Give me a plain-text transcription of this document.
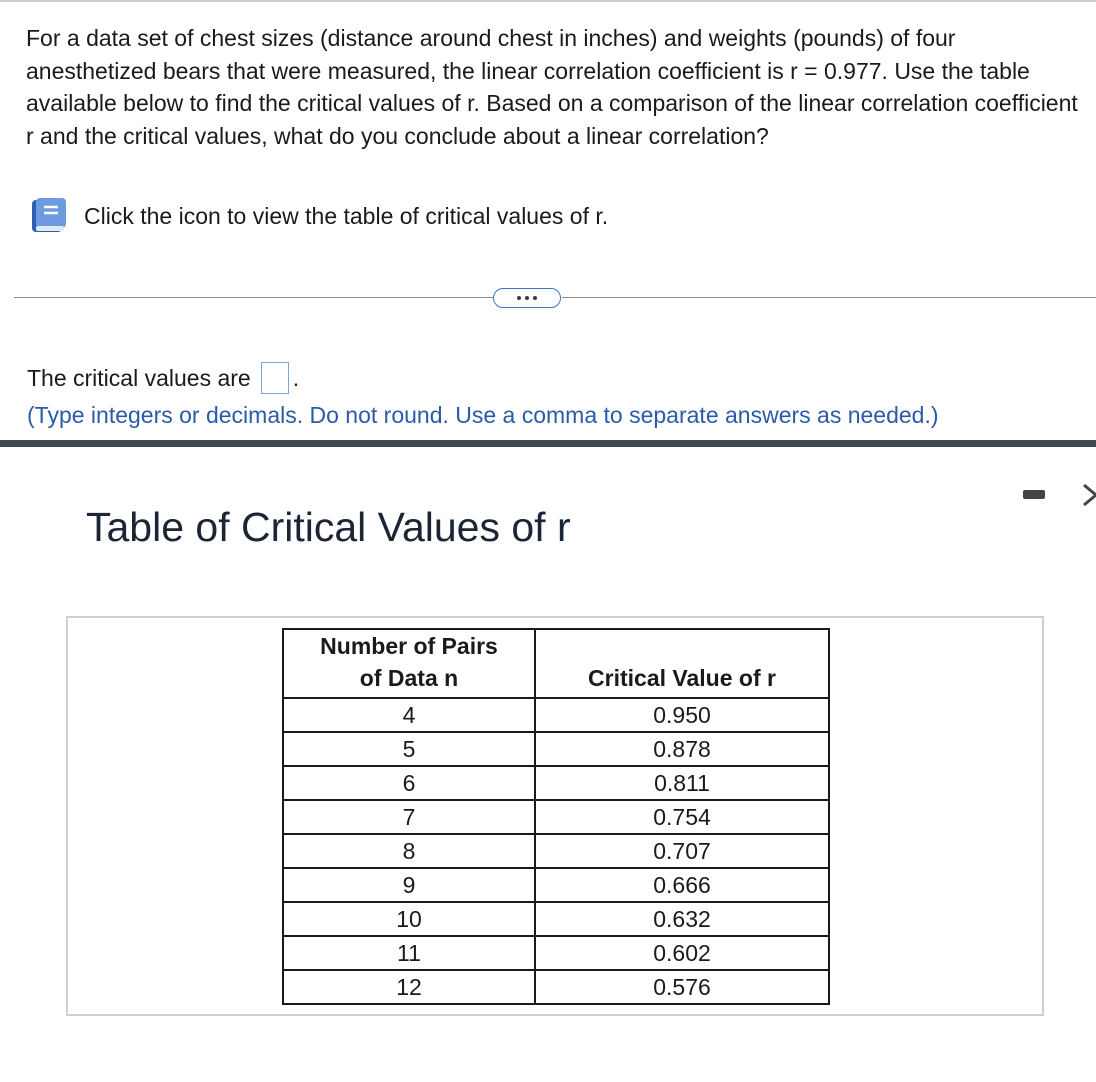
For a data set of chest sizes (distance around chest in inches) and weights (pounds) of four anesthetized bears that were measured, the linear correlation coefficient is r = 0.977. Use the table available below to find the critical values of r. Based on a comparison of the linear correlation coefficient r and the critical values, what do you conclude about a linear correlation?
Click the icon to view the table of critical values of r.
The critical values are .
(Type integers or decimals. Do not round. Use a comma to separate answers as needed.)
Table of Critical Values of r
Number of Pairs
of Data n	Critical Value of r
4	0.950
5	0.878
6	0.811
7	0.754
8	0.707
9	0.666
10	0.632
11	0.602
12	0.576
